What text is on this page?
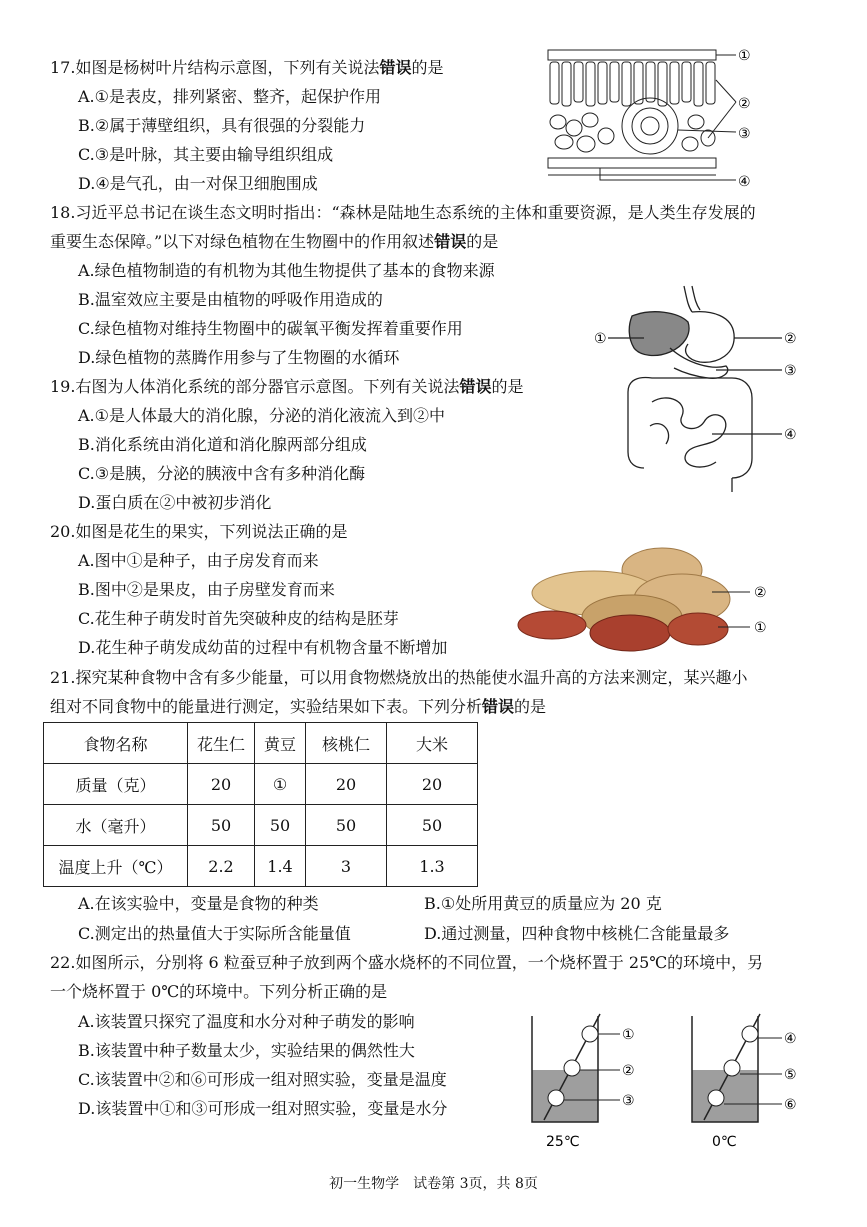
17.如图是杨树叶片结构示意图，下列有关说法错误的是
A.①是表皮，排列紧密、整齐，起保护作用
B.②属于薄壁组织，具有很强的分裂能力
C.③是叶脉，其主要由输导组织组成
D.④是气孔，由一对保卫细胞围成
①
②
③
④
18.习近平总书记在谈生态文明时指出：“森林是陆地生态系统的主体和重要资源，是人类生存发展的
重要生态保障。”以下对绿色植物在生物圈中的作用叙述错误的是
A.绿色植物制造的有机物为其他生物提供了基本的食物来源
B.温室效应主要是由植物的呼吸作用造成的
C.绿色植物对维持生物圈中的碳氧平衡发挥着重要作用
D.绿色植物的蒸腾作用参与了生物圈的水循环
19.右图为人体消化系统的部分器官示意图。下列有关说法错误的是
A.①是人体最大的消化腺，分泌的消化液流入到②中
B.消化系统由消化道和消化腺两部分组成
C.③是胰，分泌的胰液中含有多种消化酶
D.蛋白质在②中被初步消化
①	②
③
④
20.如图是花生的果实，下列说法正确的是
A.图中①是种子，由子房发育而来
B.图中②是果皮，由子房壁发育而来
C.花生种子萌发时首先突破种皮的结构是胚芽
D.花生种子萌发成幼苗的过程中有机物含量不断增加
②
①
21.探究某种食物中含有多少能量，可以用食物燃烧放出的热能使水温升高的方法来测定，某兴趣小
组对不同食物中的能量进行测定，实验结果如下表。下列分析错误的是
食物名称	花生仁	黄豆	核桃仁	大米
质量（克）	20	①	20	20
水（毫升）	50	50	50	50
温度上升（℃）	2.2	1.4	3	1.3
A.在该实验中，变量是食物的种类	B.①处所用黄豆的质量应为 20 克
C.测定出的热量值大于实际所含能量值	D.通过测量，四种食物中核桃仁含能量最多
22.如图所示，分别将 6 粒蚕豆种子放到两个盛水烧杯的不同位置，一个烧杯置于 25℃的环境中，另
一个烧杯置于 0℃的环境中。下列分析正确的是
A.该装置只探究了温度和水分对种子萌发的影响
B.该装置中种子数量太少，实验结果的偶然性大
C.该装置中②和⑥可形成一组对照实验，变量是温度
D.该装置中①和③可形成一组对照实验，变量是水分
①
②
③
25℃
④
⑤
⑥
0℃
初一生物学　试卷第 3页，共 8页
